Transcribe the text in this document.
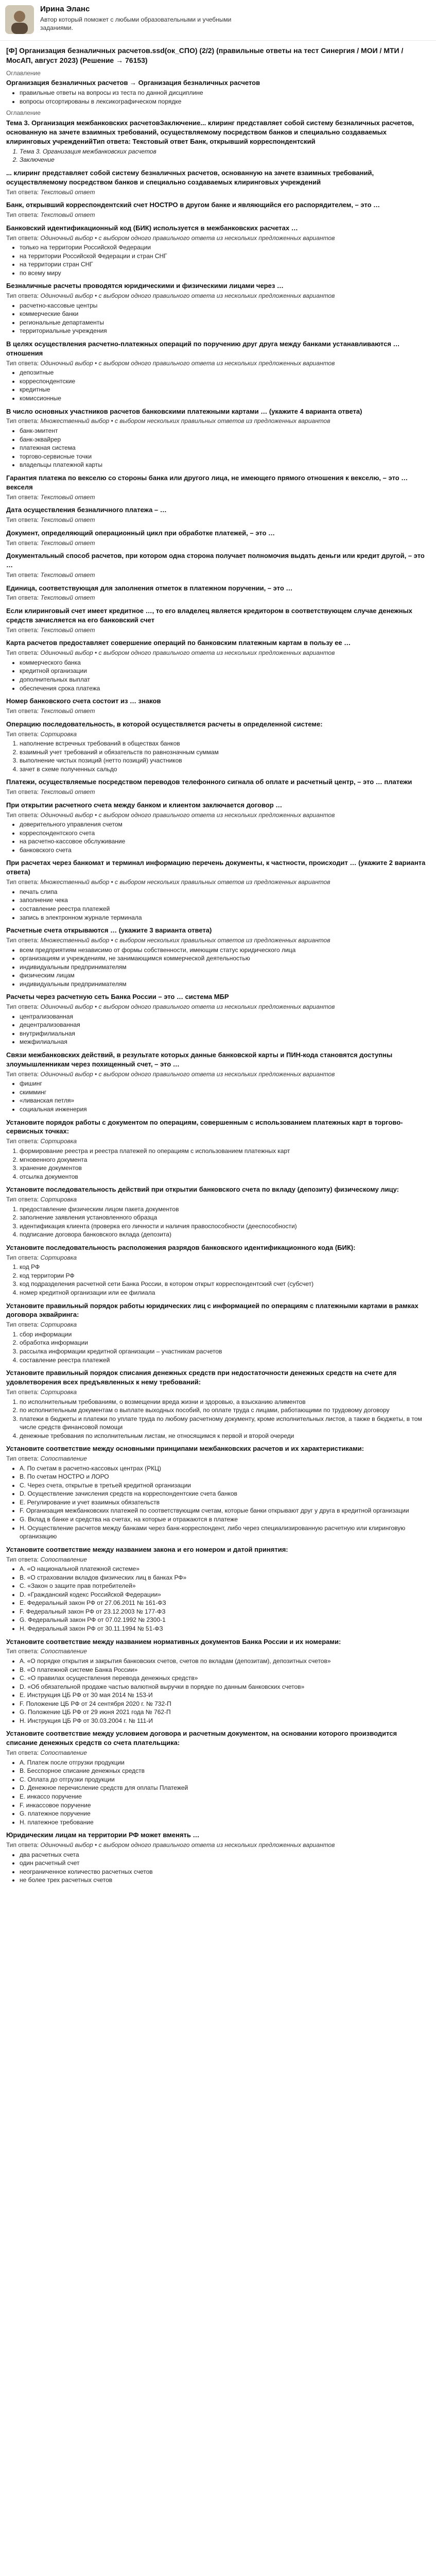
Ирина Эланс
Автор который поможет с любыми образовательными и учебными заданиями.
[Ф] Организация безналичных расчетов.ssd(ок_СПО) (2/2) (правильные ответы на тест Синергия / МОИ / МТИ / МосАП, август 2023) (Решение → 76153)
Оглавление
Организация безналичных расчетов → Организация безналичных расчетов
• правильные ответы на вопросы из теста по данной дисциплине
• вопросы отсортированы в лексикографическом порядке
Оглавление
Тема 3. Организация межбанковских расчетовЗаключение... клиринг представляет собой систему безналичных расчетов, основанную на зачете взаимных требований, осуществляемому посредством банков и специально создаваемых клиринговых учрежденийТип ответа: Текстовый ответ Банк, открывший корреспондентский
1. Тема 3. Организация межбанковских расчетов
2. Заключение
... клиринг представляет собой систему безналичных расчетов, основанную на зачете взаимных требований, осуществляемому посредством банков и специально создаваемых клиринговых учреждений
Тип ответа: Текстовый ответ
Банк, открывший корреспондентский счет НОСТРО в другом банке и являющийся его распорядителем, – это …
Тип ответа: Текстовый ответ
Банковский идентификационный код (БИК) используется в межбанковских расчетах …
Тип ответа: Одиночный выбор • с выбором одного правильного ответа из нескольких предложенных вариантов
• только на территории Российской Федерации
• на территории Российской Федерации и стран СНГ
• на территории стран СНГ
• по всему миру
Безналичные расчеты проводятся юридическими и физическими лицами через …
Тип ответа: Одиночный выбор • с выбором одного правильного ответа из нескольких предложенных вариантов
• расчетно-кассовые центры
• коммерческие банки
• региональные департаменты
• территориальные учреждения
В целях осуществления расчетно-платежных операций по поручению друг друга между банками устанавливаются … отношения
Тип ответа: Одиночный выбор • с выбором одного правильного ответа из нескольких предложенных вариантов
• депозитные
• корреспондентские
• кредитные
• комиссионные
В число основных участников расчетов банковскими платежными картами … (укажите 4 варианта ответа)
Тип ответа: Множественный выбор • с выбором нескольких правильных ответов из предложенных вариантов
• банк-эмитент
• банк-эквайрер
• платежная система
• торгово-сервисные точки
• владельцы платежной карты
Гарантия платежа по векселю со стороны банка или другого лица, не имеющего прямого отношения к векселю, – это … векселя
Тип ответа: Текстовый ответ
Дата осуществления безналичного платежа – …
Тип ответа: Текстовый ответ
Документ, определяющий операционный цикл при обработке платежей, – это …
Тип ответа: Текстовый ответ
Документальный способ расчетов, при котором одна сторона получает полномочия выдать деньги или кредит другой, – это …
Тип ответа: Текстовый ответ
Единица, соответствующая для заполнения отметок в платежном поручении, – это …
Тип ответа: Текстовый ответ
Если клиринговый счет имеет кредитное …, то его владелец является кредитором в соответствующем случае денежных средств зачисляется на его банковский счет
Тип ответа: Текстовый ответ
Карта расчетов предоставляет совершение операций по банковским платежным картам в пользу ее …
Тип ответа: Одиночный выбор • с выбором одного правильного ответа из нескольких предложенных вариантов
• коммерческого банка
• кредитной организации
• дополнительных выплат
• обеспечения срока платежа
Номер банковского счета состоит из … знаков
Тип ответа: Текстовый ответ
Операцию последовательность, в которой осуществляется расчеты в определенной системе:
Тип ответа: Сортировка
1. наполнение встречных требований в обществах банков
2. взаимный учет требований и обязательств по равнозначным суммам
3. выполнение чистых позиций (нетто позиций) участников
4. зачет в схеме полученных сальдо
Платежи, осуществляемые посредством переводов телефонного сигнала об оплате и расчетный центр, – это … платежи
Тип ответа: Текстовый ответ
При открытии расчетного счета между банком и клиентом заключается договор …
Тип ответа: Одиночный выбор • с выбором одного правильного ответа из нескольких предложенных вариантов
• доверительного управления счетом
• корреспондентского счета
• на расчетно-кассовое обслуживание
• банковского счета
При расчетах через банкомат и терминал информацию перечень документы, к частности, происходит … (укажите 2 варианта ответа)
Тип ответа: Множественный выбор • с выбором нескольких правильных ответов из предложенных вариантов
• печать слипа
• заполнение чека
• составление реестра платежей
• запись в электронном журнале терминала
Расчетные счета открываются … (укажите 3 варианта ответа)
Тип ответа: Множественный выбор • с выбором нескольких правильных ответов из предложенных вариантов
• всем предприятиям независимо от формы собственности, имеющим статус юридического лица
• организациям и учреждениям, не занимающимся коммерческой деятельностью
• индивидуальным предпринимателям
• физическим лицам
• индивидуальным предпринимателям
Расчеты через расчетную сеть Банка России – это … система МБР
Тип ответа: Одиночный выбор • с выбором одного правильного ответа из нескольких предложенных вариантов
• централизованная
• децентрализованная
• внутрифилиальная
• межфилиальная
Связи межбанковских действий, в результате которых данные банковской карты и ПИН-кода становятся доступны злоумышленникам через похищенный счет, – это …
Тип ответа: Одиночный выбор • с выбором одного правильного ответа из нескольких предложенных вариантов
• фишинг
• скимминг
• «ливанская петля»
• социальная инженерия
Установите порядок работы с документом по операциям, совершенным с использованием платежных карт в торгово-сервисных точках:
Тип ответа: Сортировка
1. формирование реестра и реестра платежей по операциям с использованием платежных карт
2. мгновенного документа
3. хранение документов
4. отсылка документов
Установите последовательность действий при открытии банковского счета по вкладу (депозиту) физическому лицу:
Тип ответа: Сортировка
1. предоставление физическим лицом пакета документов
2. заполнение заявления установленного образца
3. идентификация клиента (проверка его личности и наличия правоспособности (дееспособности)
4. подписание договора банковского вклада (депозита)
Установите последовательность расположения разрядов банковского идентификационного кода (БИК):
Тип ответа: Сортировка
1. код РФ
2. код территории РФ
3. код подразделения расчетной сети Банка России, в котором открыт корреспондентский счет (субсчет)
4. номер кредитной организации или ее филиала
Установите правильный порядок работы юридических лиц с информацией по операциям с платежными картами в рамках договора эквайринга:
Тип ответа: Сортировка
1. сбор информации
2. обработка информации
3. рассылка информации кредитной организации – участникам расчетов
4. составление реестра платежей
Установите правильный порядок списания денежных средств при недостаточности денежных средств на счете для удовлетворения всех предъявленных к нему требований:
Тип ответа: Сортировка
1. по исполнительным требованиям, о возмещении вреда жизни и здоровью, а взысканию алиментов
2. по исполнительным документам о выплате выходных пособий, по оплате труда с лицами, работающими по трудовому договору
3. платежи в бюджеты и платежи по уплате труда по любому расчетному документу, кроме исполнительных листов, а также в бюджеты, в том числе средств финансовой помощи
4. денежные требования по исполнительным листам, не относящимся к первой и второй очереди
Установите соответствие между основными принципами межбанковских расчетов и их характеристиками:
Тип ответа: Сопоставление
• А. По счетам в расчетно-кассовых центрах (РКЦ)
• В. По счетам НОСТРО и ЛОРО
• С. Через счета, открытые в третьей кредитной организации
• D. Осуществление зачисления средств на корреспондентские счета банков
• E. Регулирование и учет взаимных обязательств
• F. Организация межбанковских платежей по соответствующим счетам, которые банки открывают друг у друга в кредитной организации
• G. Вклад в банке и средства на счетах, на которые и отражаются в платеже
• H. Осуществление расчетов между банками через банк-корреспондент, либо через специализированную расчетную или клиринговую организацию
Установите соответствие между названием закона и его номером и датой принятия:
Тип ответа: Сопоставление
• А. «О национальной платежной системе»
• В. «О страховании вкладов физических лиц в банках РФ»
• С. «Закон о защите прав потребителей»
• D. «Гражданский кодекс Российской Федерации»
• E. Федеральный закон РФ от 27.06.2011 № 161-ФЗ
• F. Федеральный закон РФ от 23.12.2003 № 177-ФЗ
• G. Федеральный закон РФ от 07.02.1992 № 2300-1
• H. Федеральный закон РФ от 30.11.1994 № 51-ФЗ
Установите соответствие между названием нормативных документов Банка России и их номерами:
Тип ответа: Сопоставление
• А. «О порядке открытия и закрытия банковских счетов, счетов по вкладам (депозитам), депозитных счетов»
• В. «О платежной системе Банка России»
• С. «О правилах осуществления перевода денежных средств»
• D. «Об обязательной продаже частью валютной выручки в порядке по данным банковских счетов»
• E. Инструкция ЦБ РФ от 30 мая 2014 № 153-И
• F. Положение ЦБ РФ от 24 сентября 2020 г. № 732-П
• G. Положение ЦБ РФ от 29 июня 2021 года № 762-П
• H. Инструкция ЦБ РФ от 30.03.2004 г. № 111-И
Установите соответствие между условием договора и расчетным документом, на основании которого производится списание денежных средств со счета плательщика:
Тип ответа: Сопоставление
• А. Платеж после отгрузки продукции
• В. Бесспорное списание денежных средств
• С. Оплата до отгрузки продукции
• D. Денежное перечисление средств для оплаты Платежей
• E. инкассо поручение
• F. инкассовое поручение
• G. платежное поручение
• H. платежное требование
Юридическим лицам на территории РФ может вменять …
Тип ответа: Одиночный выбор • с выбором одного правильного ответа из нескольких предложенных вариантов
• два расчетных счета
• один расчетный счет
• неограниченное количество расчетных счетов
• не более трех расчетных счетов
